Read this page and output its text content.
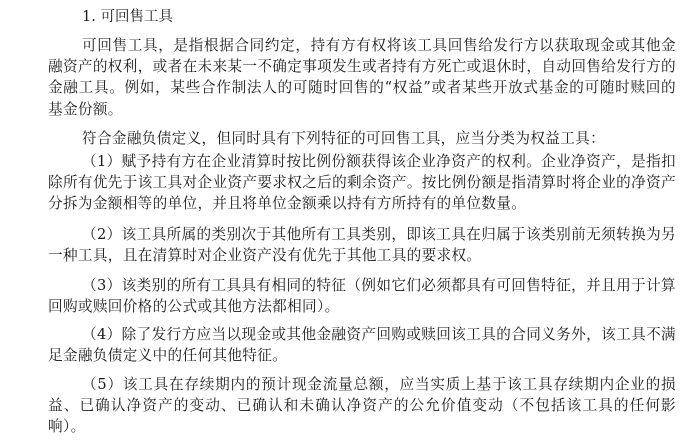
1. 可回售工具

可回售工具，是指根据合同约定，持有方有权将该工具回售给发行方以获取现金或其他金融资产的权利，或者在未来某一不确定事项发生或者持有方死亡或退休时，自动回售给发行方的金融工具。例如，某些合作制法人的可随时回售的“权益”或者某些开放式基金的可随时赎回的基金份额。

符合金融负债定义，但同时具有下列特征的可回售工具，应当分类为权益工具：

（1）赋予持有方在企业清算时按比例份额获得该企业净资产的权利。企业净资产，是指扣除所有优先于该工具对企业资产要求权之后的剩余资产。按比例份额是指清算时将企业的净资产分拆为金额相等的单位，并且将单位金额乘以持有方所持有的单位数量。

（2）该工具所属的类别次于其他所有工具类别，即该工具在归属于该类别前无须转换为另一种工具，且在清算时对企业资产没有优先于其他工具的要求权。

（3）该类别的所有工具具有相同的特征（例如它们必须都具有可回售特征，并且用于计算回购或赎回价格的公式或其他方法都相同）。

（4）除了发行方应当以现金或其他金融资产回购或赎回该工具的合同义务外，该工具不满足金融负债定义中的任何其他特征。

（5）该工具在存续期内的预计现金流量总额，应当实质上基于该工具存续期内企业的损益、已确认净资产的变动、已确认和未确认净资产的公允价值变动（不包括该工具的任何影响）。
